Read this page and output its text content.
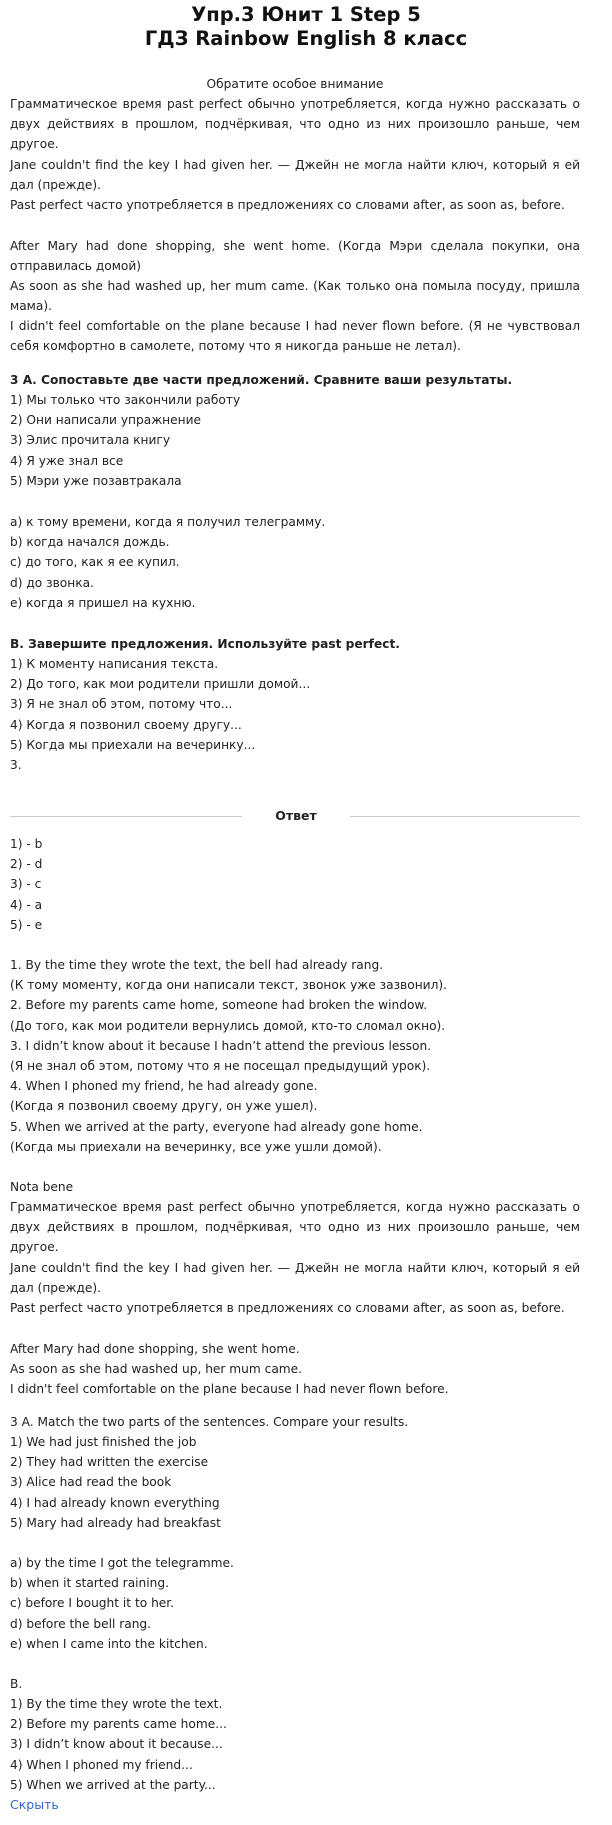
Упр.3 Юнит 1 Step 5
ГДЗ Rainbow English 8 класс
Обратите особое внимание
Грамматическое время past perfect обычно употребляется, когда нужно рассказать о двух действиях в прошлом, подчёркивая, что одно из них произошло раньше, чем другое.
Jane couldn't find the key I had given her. — Джейн не могла найти ключ, который я ей дал (прежде).
Past perfect часто употребляется в предложениях со словами after, as soon as, before.
After Mary had done shopping, she went home. (Когда Мэри сделала покупки, она отправилась домой)
As soon as she had washed up, her mum came. (Как только она помыла посуду, пришла мама).
I didn't feel comfortable on the plane because I had never flown before. (Я не чувствовал себя комфортно в самолете, потому что я никогда раньше не летал).
3 А. Сопоставьте две части предложений. Сравните ваши результаты.
1) Мы только что закончили работу
2) Они написали упражнение
3) Элис прочитала книгу
4) Я уже знал все
5) Мэри уже позавтракала
a) к тому времени, когда я получил телеграмму.
b) когда начался дождь.
c) до того, как я ее купил.
d) до звонка.
e) когда я пришел на кухню.
B. Завершите предложения. Используйте past perfect.
1) К моменту написания текста.
2) До того, как мои родители пришли домой...
3) Я не знал об этом, потому что...
4) Когда я позвонил своему другу...
5) Когда мы приехали на вечеринку...
3.
Ответ
1) - b
2) - d
3) - c
4) - a
5) - e
1. By the time they wrote the text, the bell had already rang.
(К тому моменту, когда они написали текст, звонок уже зазвонил).
2. Before my parents came home, someone had broken the window.
(До того, как мои родители вернулись домой, кто-то сломал окно).
3. I didn’t know about it because I hadn’t attend the previous lesson.
(Я не знал об этом, потому что я не посещал предыдущий урок).
4. When I phoned my friend, he had already gone.
(Когда я позвонил своему другу, он уже ушел).
5. When we arrived at the party, everyone had already gone home.
(Когда мы приехали на вечеринку, все уже ушли домой).
Nota bene
Грамматическое время past perfect обычно употребляется, когда нужно рассказать о двух действиях в прошлом, подчёркивая, что одно из них произошло раньше, чем другое.
Jane couldn't find the key I had given her. — Джейн не могла найти ключ, который я ей дал (прежде).
Past perfect часто употребляется в предложениях со словами after, as soon as, before.
After Mary had done shopping, she went home.
As soon as she had washed up, her mum came.
I didn't feel comfortable on the plane because I had never flown before.
3 A. Match the two parts of the sentences. Compare your results.
1) We had just finished the job
2) They had written the exercise
3) Alice had read the book
4) I had already known everything
5) Mary had already had breakfast
a) by the time I got the telegramme.
b) when it started raining.
c) before I bought it to her.
d) before the bell rang.
e) when I came into the kitchen.
B.
1) By the time they wrote the text.
2) Before my parents came home...
3) I didn’t know about it because...
4) When I phoned my friend...
5) When we arrived at the party...
Скрыть
